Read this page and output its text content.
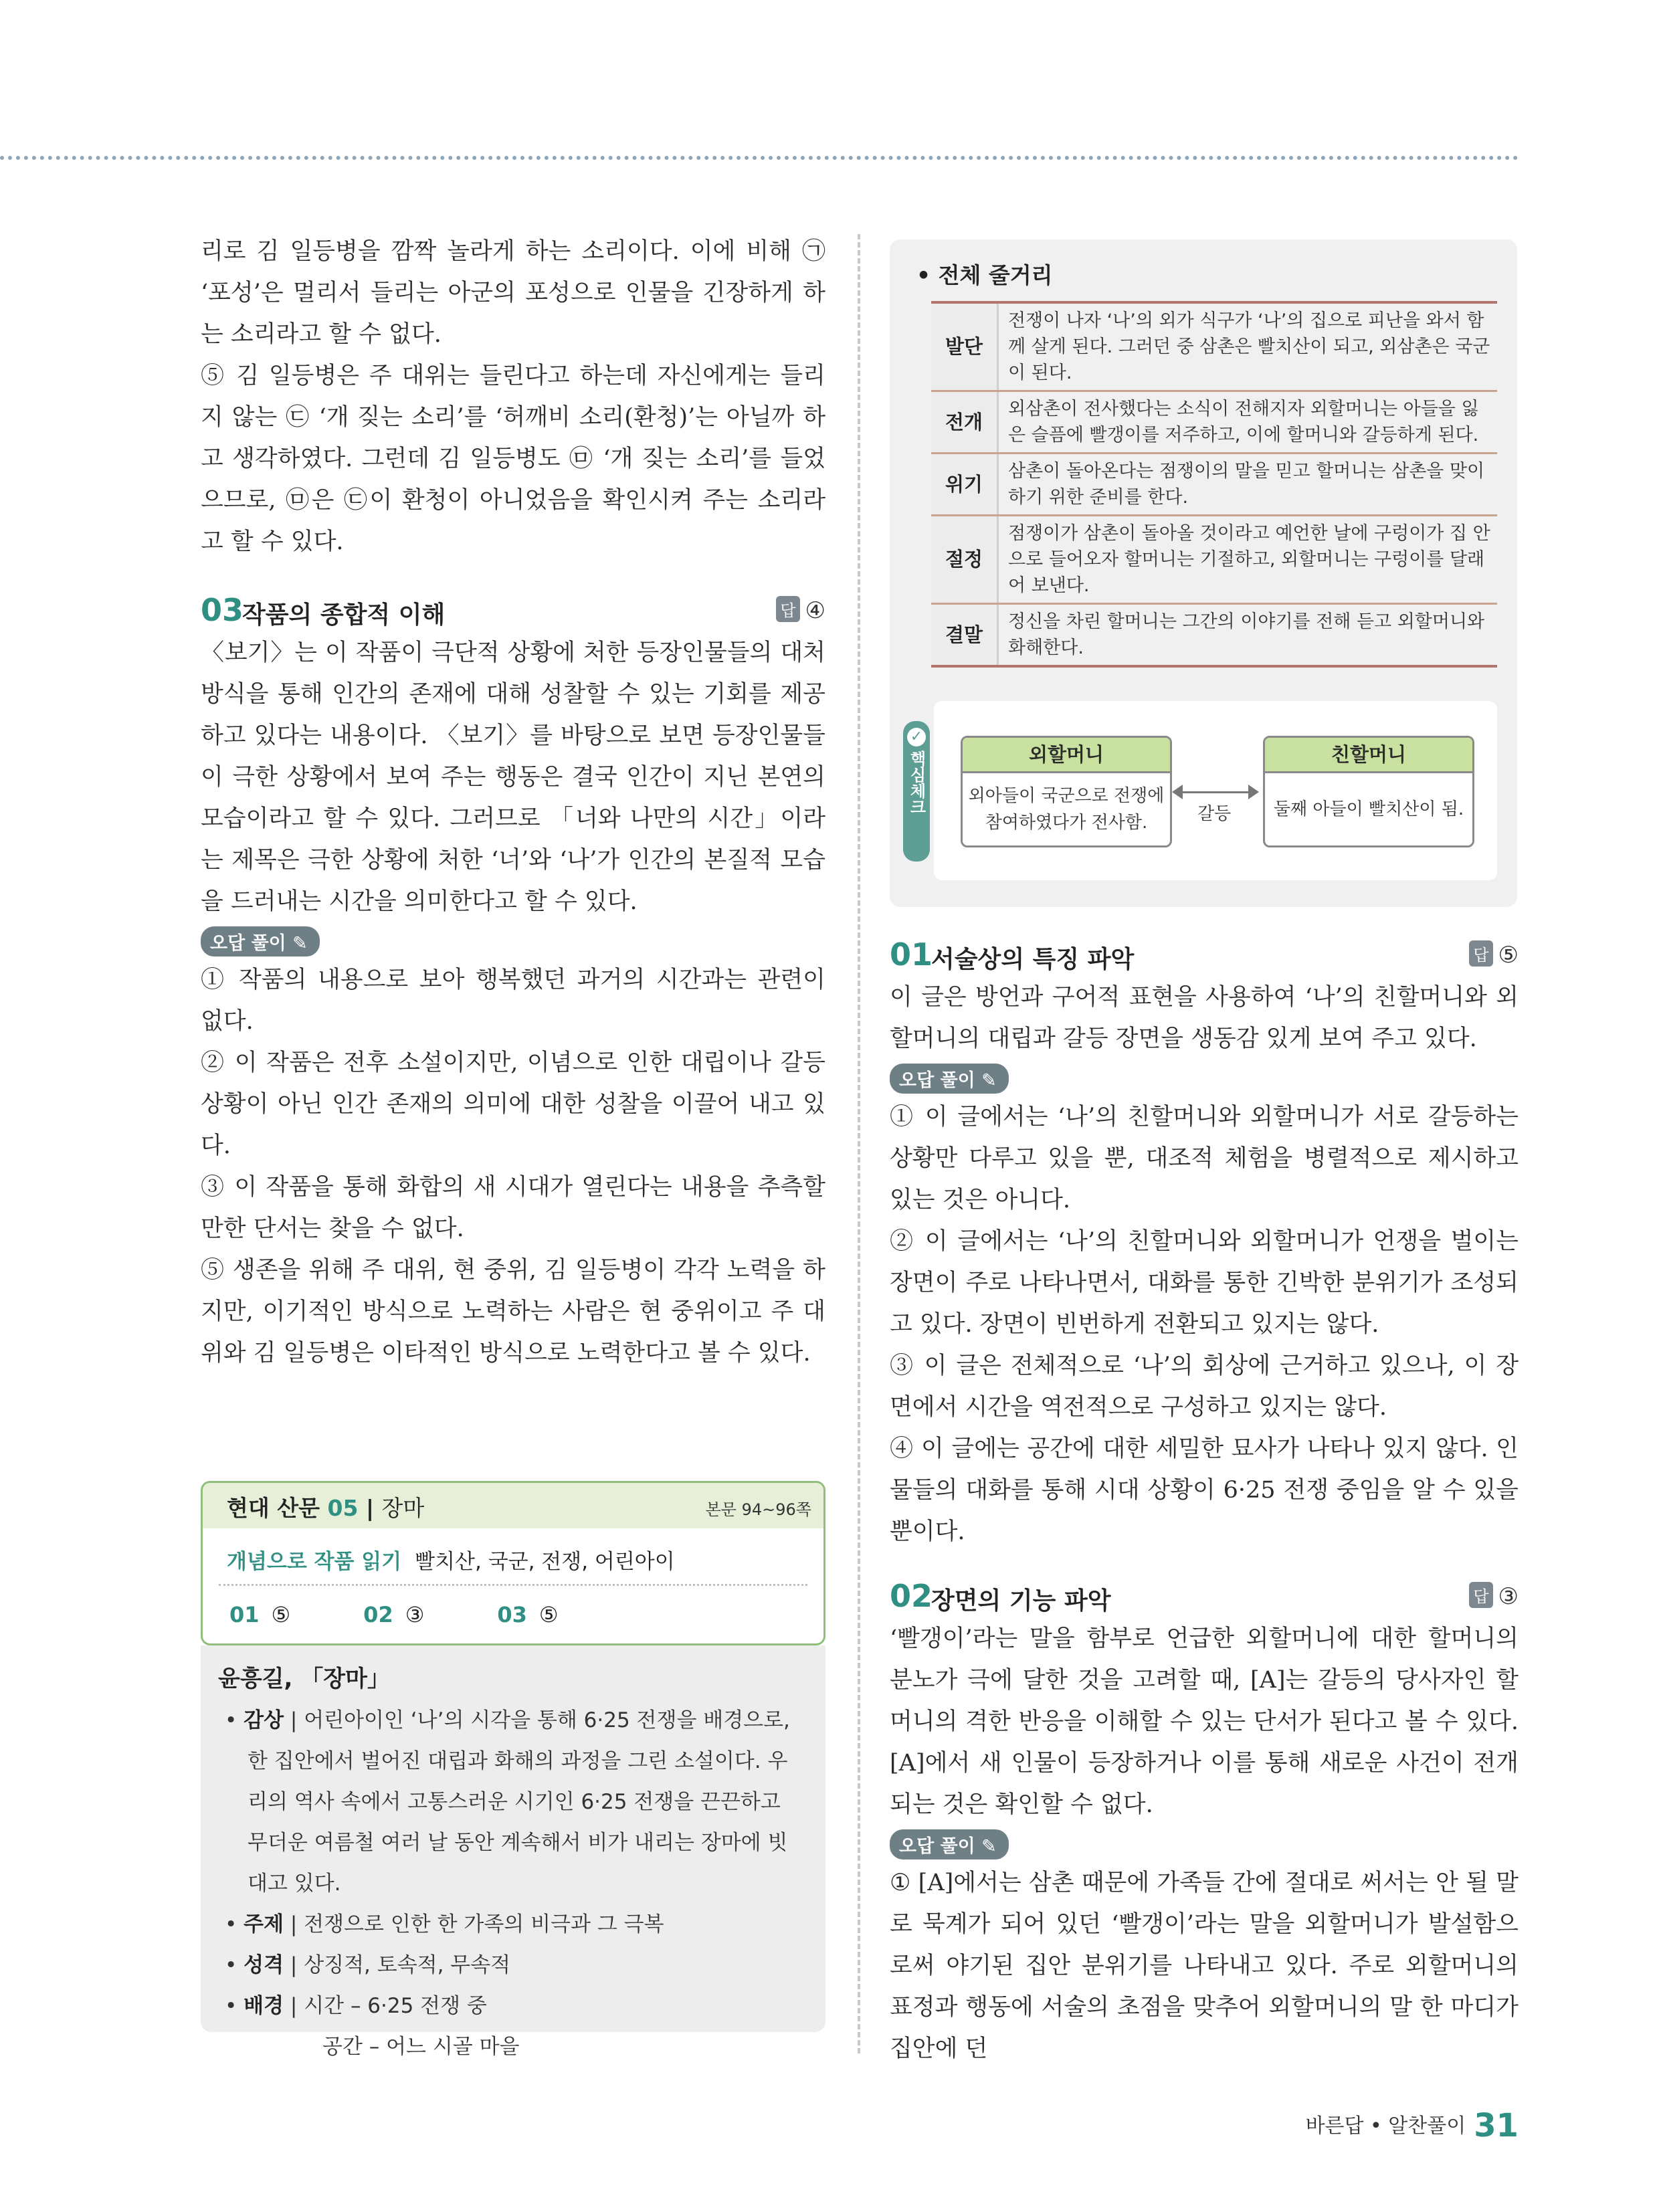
리로 김 일등병을 깜짝 놀라게 하는 소리이다. 이에 비해 ㉠ ‘포성’은 멀리서 들리는 아군의 포성으로 인물을 긴장하게 하는 소리라고 할 수 없다.

⑤ 김 일등병은 주 대위는 들린다고 하는데 자신에게는 들리지 않는 ㉢ ‘개 짖는 소리’를 ‘허깨비 소리(환청)’는 아닐까 하고 생각하였다. 그런데 김 일등병도 ㉤ ‘개 짖는 소리’를 들었으므로, ㉤은 ㉢이 환청이 아니었음을 확인시켜 주는 소리라고 할 수 있다.

03
작품의 종합적 이해	답 ④

〈보기〉는 이 작품이 극단적 상황에 처한 등장인물들의 대처 방식을 통해 인간의 존재에 대해 성찰할 수 있는 기회를 제공하고 있다는 내용이다. 〈보기〉를 바탕으로 보면 등장인물들이 극한 상황에서 보여 주는 행동은 결국 인간이 지닌 본연의 모습이라고 할 수 있다. 그러므로 「너와 나만의 시간」이라는 제목은 극한 상황에 처한 ‘너’와 ‘나’가 인간의 본질적 모습을 드러내는 시간을 의미한다고 할 수 있다.

오답 풀이 ✎

① 작품의 내용으로 보아 행복했던 과거의 시간과는 관련이 없다.

② 이 작품은 전후 소설이지만, 이념으로 인한 대립이나 갈등 상황이 아닌 인간 존재의 의미에 대한 성찰을 이끌어 내고 있다.

③ 이 작품을 통해 화합의 새 시대가 열린다는 내용을 추측할 만한 단서는 찾을 수 없다.

⑤ 생존을 위해 주 대위, 현 중위, 김 일등병이 각각 노력을 하지만, 이기적인 방식으로 노력하는 사람은 현 중위이고 주 대위와 김 일등병은 이타적인 방식으로 노력한다고 볼 수 있다.

현대 산문 05 | 장마	본문 94~96쪽
개념으로 작품 읽기 빨치산, 국군, 전쟁, 어린아이
01 ⑤	02 ③	03 ⑤
윤흥길, 「장마」
• 감상 | 어린아이인 ‘나’의 시각을 통해 6·25 전쟁을 배경으로, 한 집안에서 벌어진 대립과 화해의 과정을 그린 소설이다. 우리의 역사 속에서 고통스러운 시기인 6·25 전쟁을 끈끈하고 무더운 여름철 여러 날 동안 계속해서 비가 내리는 장마에 빗대고 있다.
• 주제 | 전쟁으로 인한 한 가족의 비극과 그 극복
• 성격 | 상징적, 토속적, 무속적
• 배경 | 시간 – 6·25 전쟁 중
공간 – 어느 시골 마을
• 전체 줄거리
발단	전쟁이 나자 ‘나’의 외가 식구가 ‘나’의 집으로 피난을 와서 함께 살게 된다. 그러던 중 삼촌은 빨치산이 되고, 외삼촌은 국군이 된다.
전개	외삼촌이 전사했다는 소식이 전해지자 외할머니는 아들을 잃은 슬픔에 빨갱이를 저주하고, 이에 할머니와 갈등하게 된다.
위기	삼촌이 돌아온다는 점쟁이의 말을 믿고 할머니는 삼촌을 맞이하기 위한 준비를 한다.
절정	점쟁이가 삼촌이 돌아올 것이라고 예언한 날에 구렁이가 집 안으로 들어오자 할머니는 기절하고, 외할머니는 구렁이를 달래어 보낸다.
결말	정신을 차린 할머니는 그간의 이야기를 전해 듣고 외할머니와 화해한다.
✓
핵심체크	외할머니
외아들이 국군으로 전쟁에 참여하였다가 전사함.	갈등
친할머니
둘째 아들이 빨치산이 됨.
01
서술상의 특징 파악	답 ⑤

이 글은 방언과 구어적 표현을 사용하여 ‘나’의 친할머니와 외할머니의 대립과 갈등 장면을 생동감 있게 보여 주고 있다.

오답 풀이 ✎

① 이 글에서는 ‘나’의 친할머니와 외할머니가 서로 갈등하는 상황만 다루고 있을 뿐, 대조적 체험을 병렬적으로 제시하고 있는 것은 아니다.

② 이 글에서는 ‘나’의 친할머니와 외할머니가 언쟁을 벌이는 장면이 주로 나타나면서, 대화를 통한 긴박한 분위기가 조성되고 있다. 장면이 빈번하게 전환되고 있지는 않다.

③ 이 글은 전체적으로 ‘나’의 회상에 근거하고 있으나, 이 장면에서 시간을 역전적으로 구성하고 있지는 않다.

④ 이 글에는 공간에 대한 세밀한 묘사가 나타나 있지 않다. 인물들의 대화를 통해 시대 상황이 6·25 전쟁 중임을 알 수 있을 뿐이다.

02
장면의 기능 파악	답 ③

‘빨갱이’라는 말을 함부로 언급한 외할머니에 대한 할머니의 분노가 극에 달한 것을 고려할 때, [A]는 갈등의 당사자인 할머니의 격한 반응을 이해할 수 있는 단서가 된다고 볼 수 있다. [A]에서 새 인물이 등장하거나 이를 통해 새로운 사건이 전개되는 것은 확인할 수 없다.

오답 풀이 ✎

① [A]에서는 삼촌 때문에 가족들 간에 절대로 써서는 안 될 말로 묵계가 되어 있던 ‘빨갱이’라는 말을 외할머니가 발설함으로써 야기된 집안 분위기를 나타내고 있다. 주로 외할머니의 표정과 행동에 서술의 초점을 맞추어 외할머니의 말 한 마디가 집안에 던

바른답 • 알찬풀이 31
